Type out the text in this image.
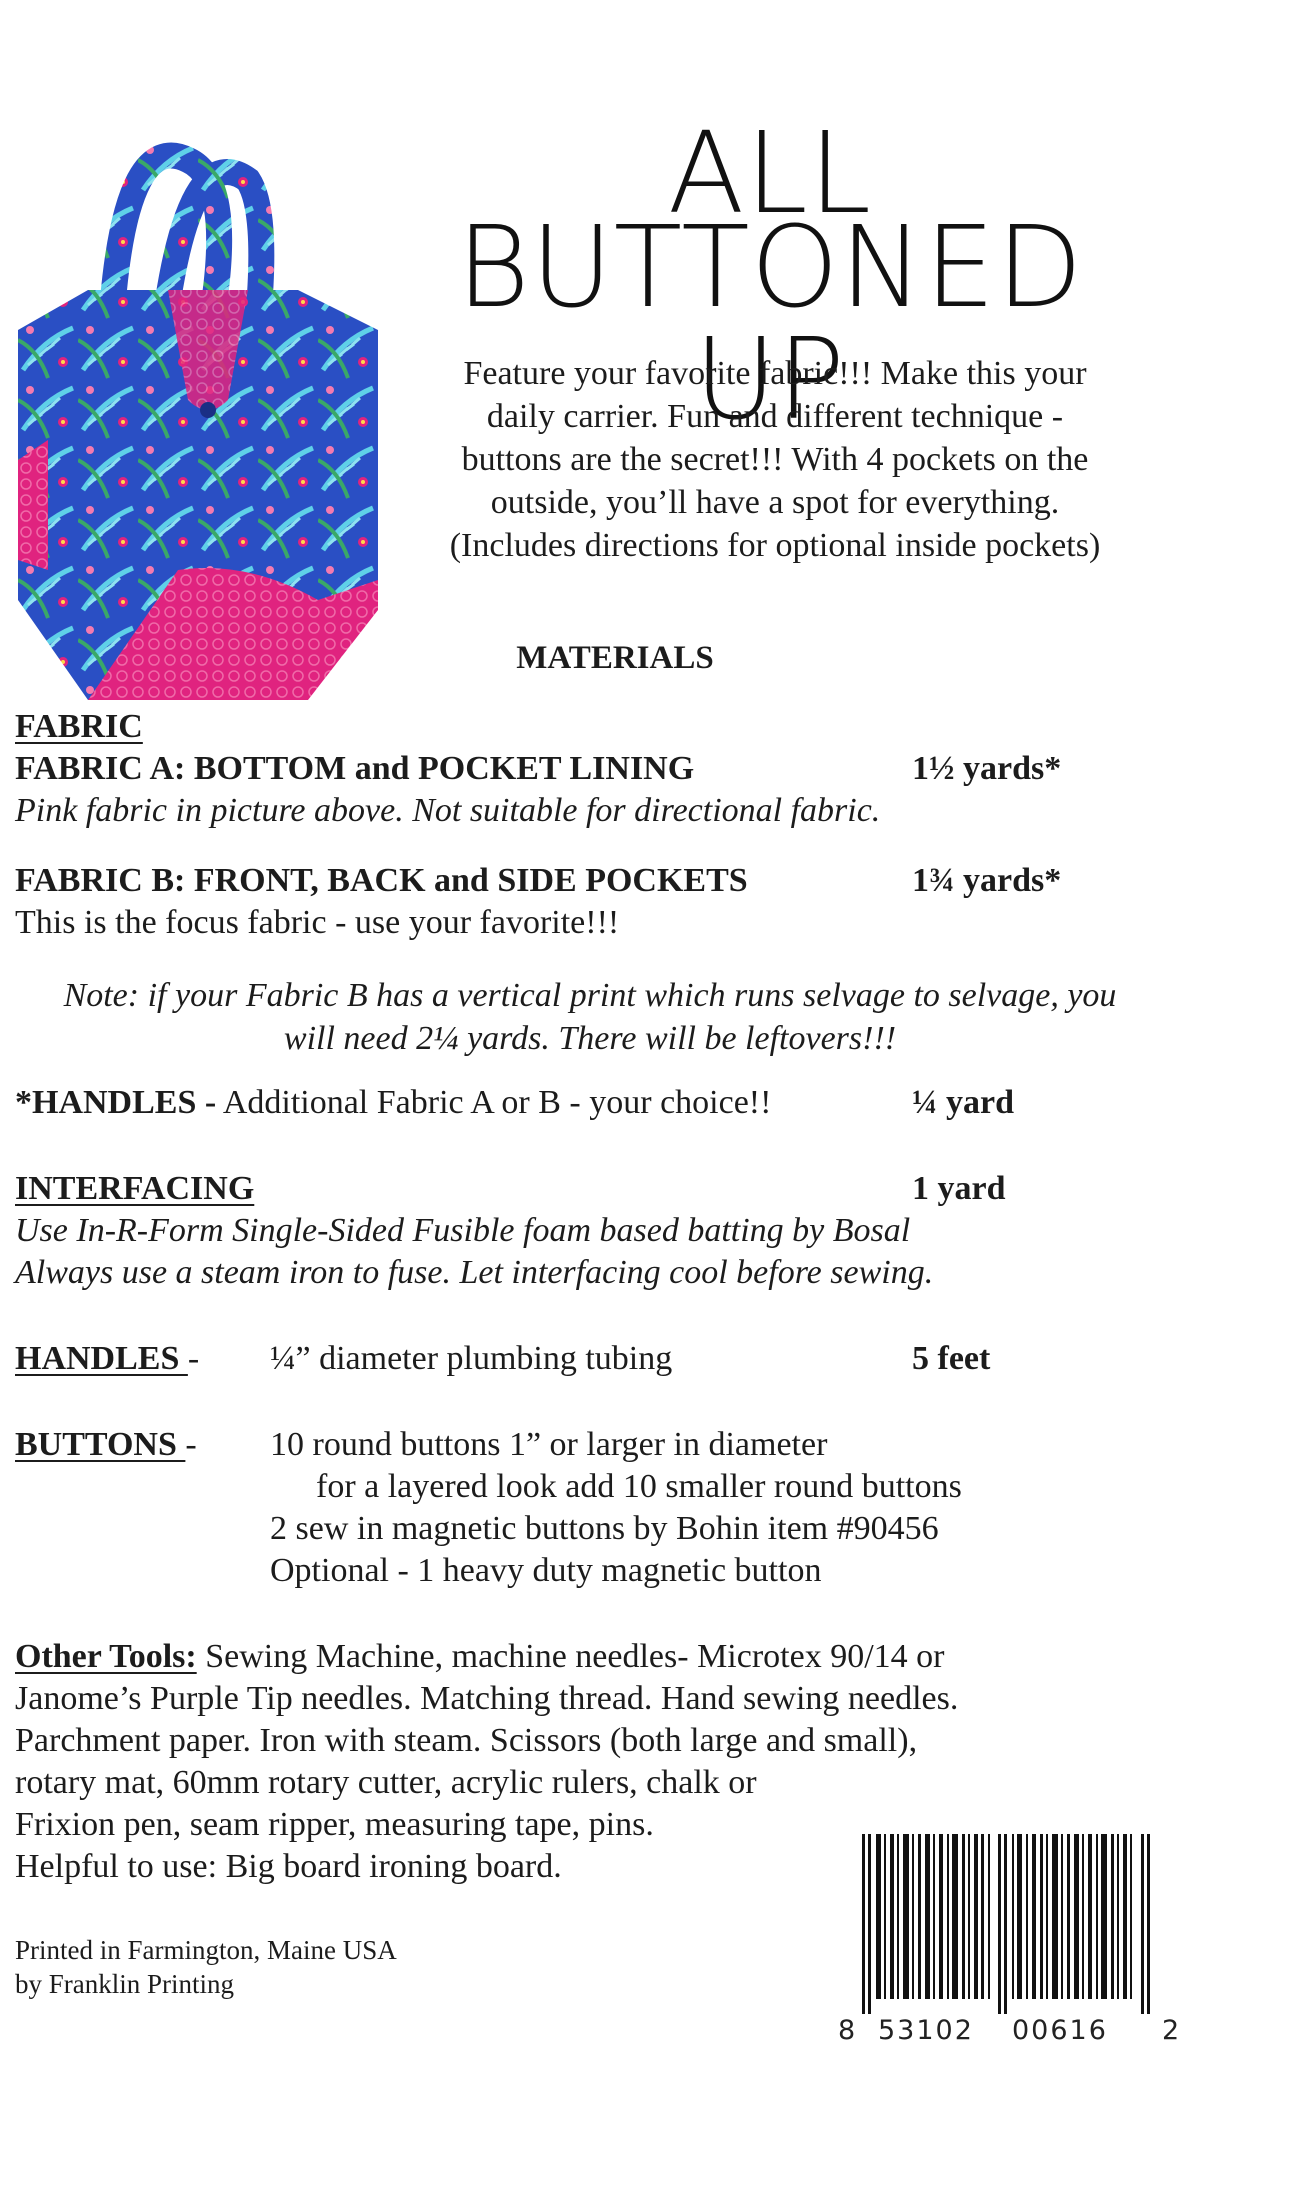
ALL
BUTTONED UP
Feature your favorite fabric!!! Make this your
daily carrier. Fun and different technique -
buttons are the secret!!! With 4 pockets on the
outside, you’ll have a spot for everything.
(Includes directions for optional inside pockets)
MATERIALS
FABRIC
FABRIC A: BOTTOM and POCKET LINING	1½ yards*
Pink fabric in picture above. Not suitable for directional fabric.
FABRIC B: FRONT, BACK and SIDE POCKETS	1¾ yards*
This is the focus fabric - use your favorite!!!
Note: if your Fabric B has a vertical print which runs selvage to selvage, you
will need 2¼ yards. There will be leftovers!!!
*HANDLES - Additional Fabric A or B - your choice!!	¼ yard
INTERFACING	1 yard
Use In-R-Form Single-Sided Fusible foam based batting by Bosal
Always use a steam iron to fuse. Let interfacing cool before sewing.
HANDLES - ¼” diameter plumbing tubing	5 feet
BUTTONS - 10 round buttons 1” or larger in diameter
for a layered look add 10 smaller round buttons
2 sew in magnetic buttons by Bohin item #90456
Optional - 1 heavy duty magnetic button
Other Tools: Sewing Machine, machine needles- Microtex 90/14 or
Janome’s Purple Tip needles. Matching thread. Hand sewing needles.
Parchment paper. Iron with steam. Scissors (both large and small),
rotary mat, 60mm rotary cutter, acrylic rulers, chalk or
Frixion pen, seam ripper, measuring tape, pins.
Helpful to use: Big board ironing board.
Printed in Farmington, Maine USA
by Franklin Printing
8 53102 00616 2
